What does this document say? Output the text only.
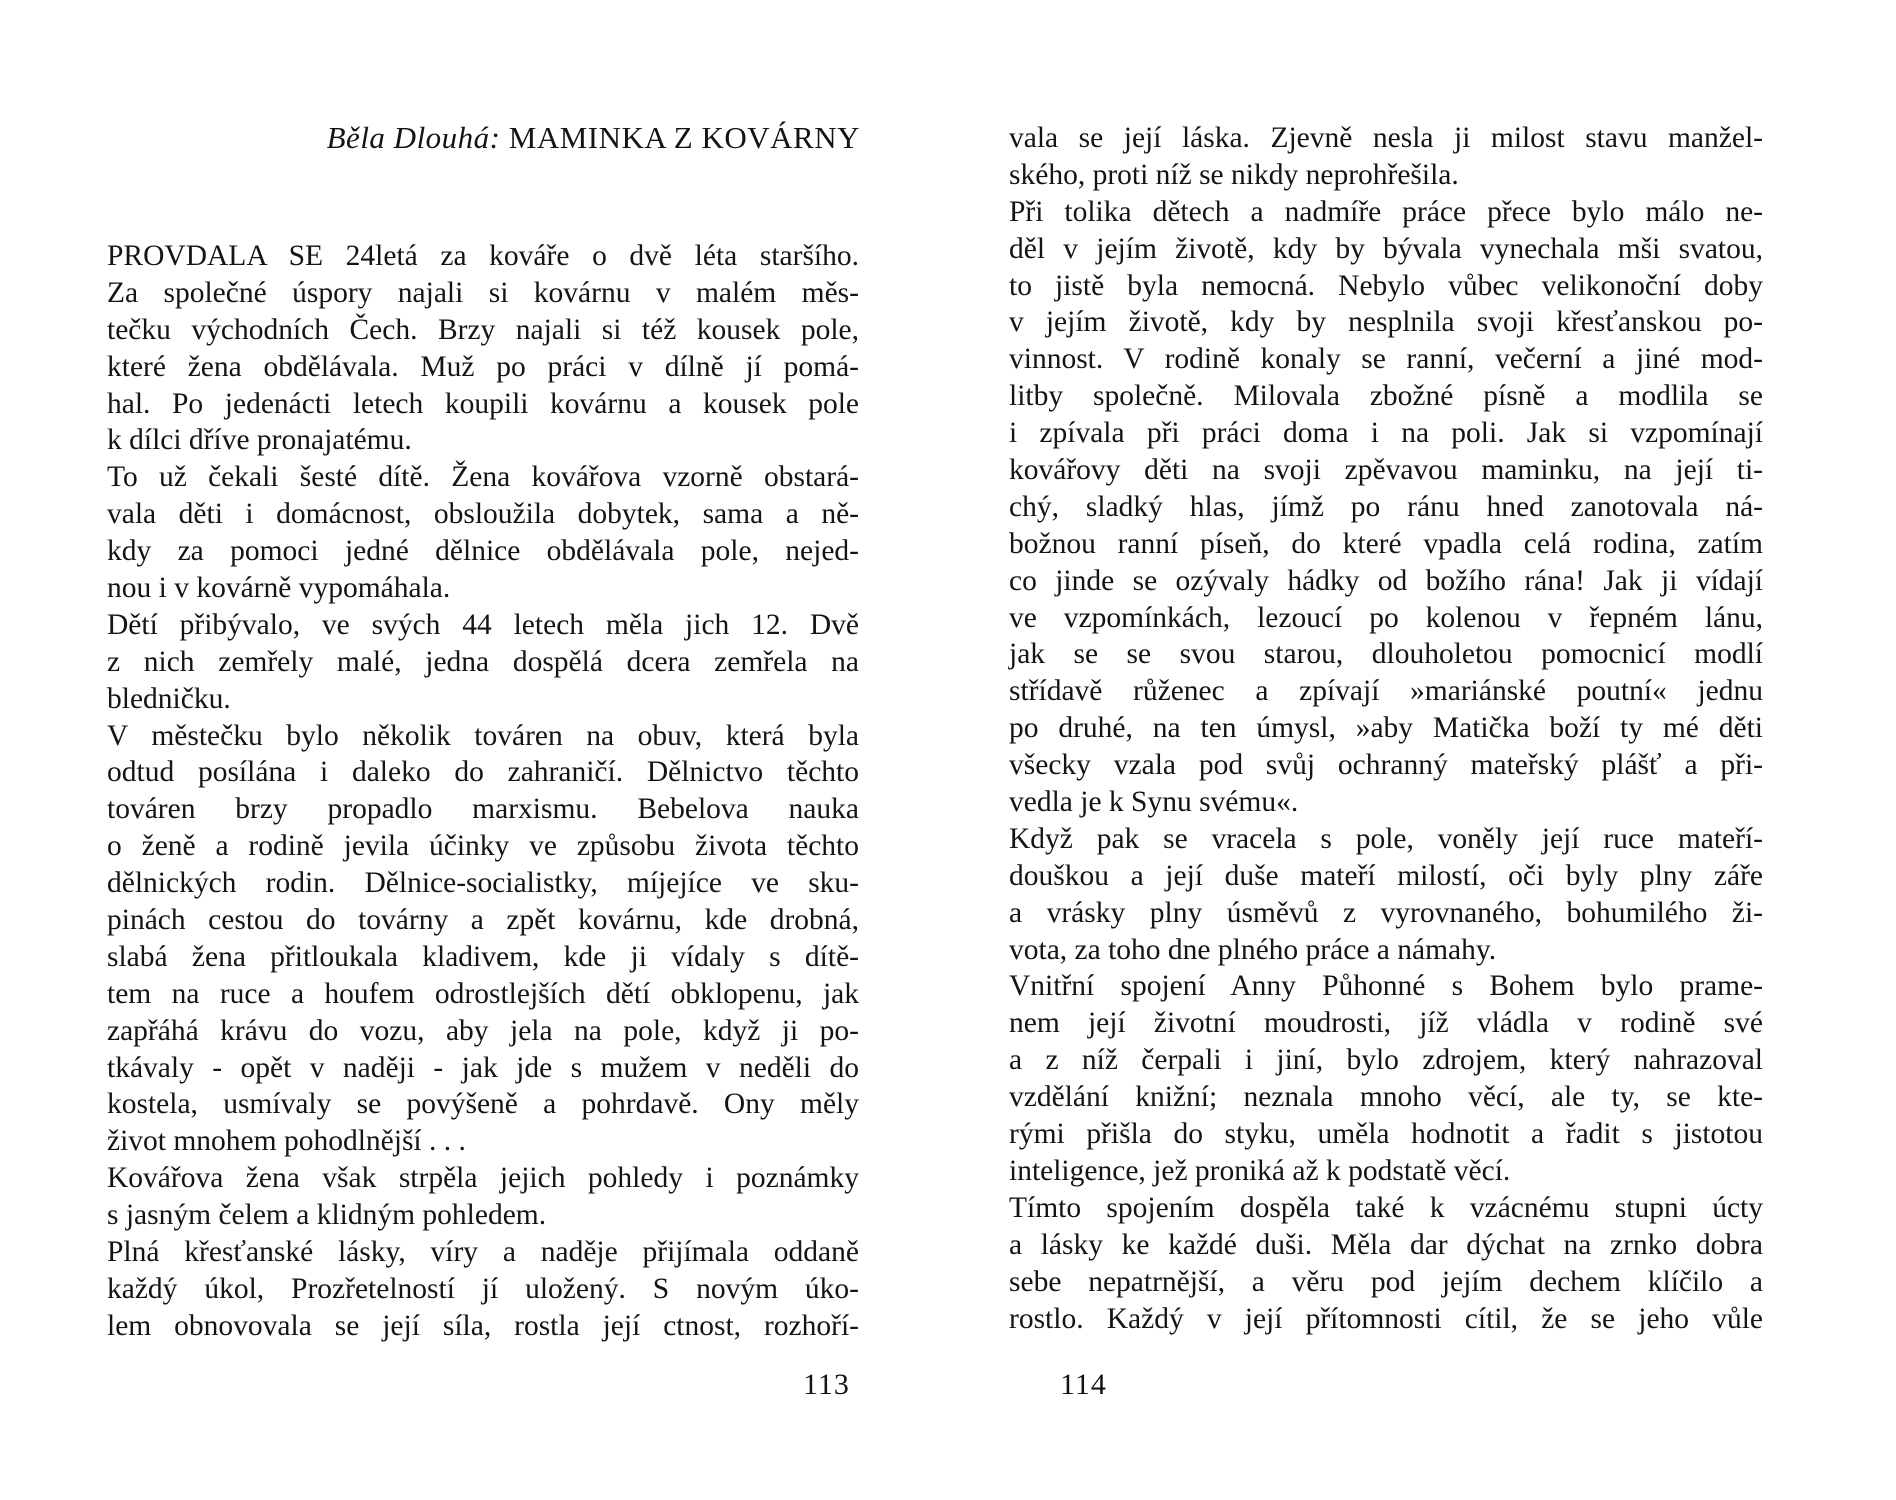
Běla Dlouhá: MAMINKA Z KOVÁRNY
PROVDALA SE 24letá za kováře o dvě léta staršího.
Za společné úspory najali si kovárnu v malém měs-
tečku východních Čech. Brzy najali si též kousek pole,
které žena obdělávala. Muž po práci v dílně jí pomá-
hal. Po jedenácti letech koupili kovárnu a kousek pole
k dílci dříve pronajatému.
To už čekali šesté dítě. Žena kovářova vzorně obstará-
vala děti i domácnost, obsloužila dobytek, sama a ně-
kdy za pomoci jedné dělnice obdělávala pole, nejed-
nou i v kovárně vypomáhala.
Dětí přibývalo, ve svých 44 letech měla jich 12. Dvě
z nich zemřely malé, jedna dospělá dcera zemřela na
bledničku.
V městečku bylo několik továren na obuv, která byla
odtud posílána i daleko do zahraničí. Dělnictvo těchto
továren brzy propadlo marxismu. Bebelova nauka
o ženě a rodině jevila účinky ve způsobu života těchto
dělnických rodin. Dělnice-socialistky, míjejíce ve sku-
pinách cestou do továrny a zpět kovárnu, kde drobná,
slabá žena přitloukala kladivem, kde ji vídaly s dítě-
tem na ruce a houfem odrostlejších dětí obklopenu, jak
zapřáhá krávu do vozu, aby jela na pole, když ji po-
tkávaly - opět v naději - jak jde s mužem v neděli do
kostela, usmívaly se povýšeně a pohrdavě. Ony měly
život mnohem pohodlnější . . .
Kovářova žena však strpěla jejich pohledy i poznámky
s jasným čelem a klidným pohledem.
Plná křesťanské lásky, víry a naděje přijímala oddaně
každý úkol, Prozřetelností jí uložený. S novým úko-
lem obnovovala se její síla, rostla její ctnost, rozhoří-
113
vala se její láska. Zjevně nesla ji milost stavu manžel-
ského, proti níž se nikdy neprohřešila.
Při tolika dětech a nadmíře práce přece bylo málo ne-
děl v jejím životě, kdy by bývala vynechala mši svatou,
to jistě byla nemocná. Nebylo vůbec velikonoční doby
v jejím životě, kdy by nesplnila svoji křesťanskou po-
vinnost. V rodině konaly se ranní, večerní a jiné mod-
litby společně. Milovala zbožné písně a modlila se
i zpívala při práci doma i na poli. Jak si vzpomínají
kovářovy děti na svoji zpěvavou maminku, na její ti-
chý, sladký hlas, jímž po ránu hned zanotovala ná-
božnou ranní píseň, do které vpadla celá rodina, zatím
co jinde se ozývaly hádky od božího rána! Jak ji vídají
ve vzpomínkách, lezoucí po kolenou v řepném lánu,
jak se se svou starou, dlouholetou pomocnicí modlí
střídavě růženec a zpívají »mariánské poutní« jednu
po druhé, na ten úmysl, »aby Matička boží ty mé děti
všecky vzala pod svůj ochranný mateřský plášť a při-
vedla je k Synu svému«.
Když pak se vracela s pole, voněly její ruce mateří-
douškou a její duše mateří milostí, oči byly plny záře
a vrásky plny úsměvů z vyrovnaného, bohumilého ži-
vota, za toho dne plného práce a námahy.
Vnitřní spojení Anny Půhonné s Bohem bylo prame-
nem její životní moudrosti, jíž vládla v rodině své
a z níž čerpali i jiní, bylo zdrojem, který nahrazoval
vzdělání knižní; neznala mnoho věcí, ale ty, se kte-
rými přišla do styku, uměla hodnotit a řadit s jistotou
inteligence, jež proniká až k podstatě věcí.
Tímto spojením dospěla také k vzácnému stupni úcty
a lásky ke každé duši. Měla dar dýchat na zrnko dobra
sebe nepatrnější, a věru pod jejím dechem klíčilo a
rostlo. Každý v její přítomnosti cítil, že se jeho vůle
114
